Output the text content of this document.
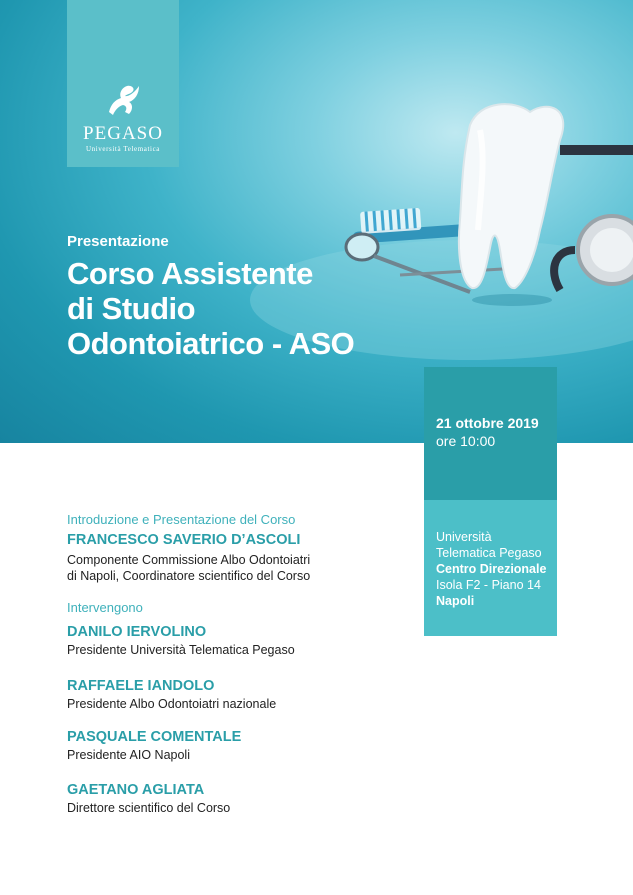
PEGASO
Università Telematica
Presentazione
Corso Assistente
di Studio
Odontoiatrico - ASO
21 ottobre 2019
ore 10:00
Università
Telematica Pegaso
Centro Direzionale
Isola F2 - Piano 14
Napoli
Introduzione e Presentazione del Corso
FRANCESCO SAVERIO D’ASCOLI
Componente Commissione Albo Odontoiatri
di Napoli, Coordinatore scientifico del Corso
Intervengono
DANILO IERVOLINO
Presidente Università Telematica Pegaso
RAFFAELE IANDOLO
Presidente Albo Odontoiatri nazionale
PASQUALE COMENTALE
Presidente AIO Napoli
GAETANO AGLIATA
Direttore scientifico del Corso
